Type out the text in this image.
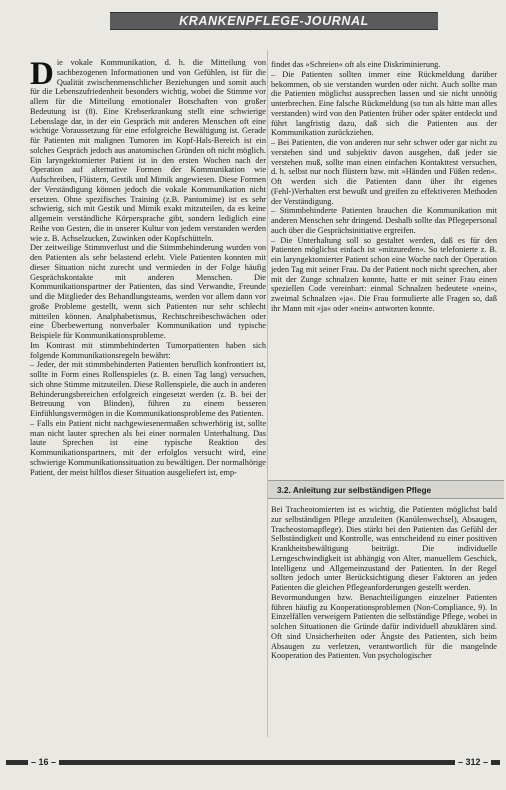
KRANKENPFLEGE-JOURNAL

Die vokale Kommunikation, d. h. die Mitteilung von sachbezogenen Informationen und von Gefühlen, ist für die Qualität zwischenmenschlicher Beziehungen und somit auch für die Lebenszufriedenheit besonders wichtig, wobei die Stimme vor allem für die Mitteilung emotionaler Botschaften von großer Bedeutung ist (8). Eine Krebserkrankung stellt eine schwierige Lebenslage dar, in der ein Gespräch mit anderen Menschen oft eine wichtige Voraussetzung für eine erfolgreiche Bewältigung ist. Gerade für Patienten mit malignen Tumoren im Kopf-Hals-Bereich ist ein solches Gespräch jedoch aus anatomischen Gründen oft nicht möglich. Ein laryngektomierter Patient ist in den ersten Wochen nach der Operation auf alternative Formen der Kommunikation wie Aufschreiben, Flüstern, Gestik und Mimik angewiesen. Diese Formen der Verständigung können jedoch die vokale Kommunikation nicht ersetzen. Ohne spezifisches Training (z.B. Pantomime) ist es sehr schwierig, sich mit Gestik und Mimik exakt mitzuteilen, da es keine allgemein verständliche Körpersprache gibt, sondern lediglich eine Reihe von Gesten, die in unserer Kultur von jedem verstanden werden wie z. B. Achselzucken, Zuwinken oder Kopfschütteln.

Der zeitweilige Stimmverlust und die Stimmbehinderung wurden von den Patienten als sehr belastend erlebt. Viele Patienten konnten mit dieser Situation nicht zurecht und vermieden in der Folge häufig Gesprächskontakte mit anderen Menschen. Die Kommunikationspartner der Patienten, das sind Verwandte, Freunde und die Mitglieder des Behandlungsteams, werden vor allem dann vor große Probleme gestellt, wenn sich Patienten nur sehr schlecht mitteilen können. Analphabetismus, Rechtschreibeschwächen oder eine Überbewertung nonverbaler Kommunikation und typische Beispiele für Kommunikationsprobleme.

Im Kontrast mit stimmbehinderten Tumorpatienten haben sich folgende Kommunikationsregeln bewährt:

– Jeder, der mit stimmbehinderten Patienten beruflich konfrontiert ist, sollte in Form eines Rollenspieles (z. B. einen Tag lang) versuchen, sich ohne Stimme mitzuteilen. Diese Rollenspiele, die auch in anderen Behinderungsbereichen erfolgreich eingesetzt werden (z. B. bei der Betreuung von Blinden), führen zu einem besseren Einfühlungsvermögen in die Kommunikationsprobleme des Patienten.

– Falls ein Patient nicht nachgewiesenermaßen schwerhörig ist, sollte man nicht lauter sprechen als bei einer normalen Unterhaltung. Das laute Sprechen ist eine typische Reaktion des Kommunikationspartners, mit der erfolglos versucht wird, eine schwierige Kommunikationssituation zu bewältigen. Der normalhörige Patient, der meist hilflos dieser Situation ausgeliefert ist, emp-

findet das »Schreien« oft als eine Diskriminierung.

– Die Patienten sollten immer eine Rückmeldung darüber bekommen, ob sie verstanden wurden oder nicht. Auch sollte man die Patienten möglichst aussprechen lassen und sie nicht unnötig unterbrechen. Eine falsche Rückmeldung (so tun als hätte man alles verstanden) wird von den Patienten früher oder später entdeckt und führt langfristig dazu, daß sich die Patienten aus der Kommunikation zurückziehen.

– Bei Patienten, die von anderen nur sehr schwer oder gar nicht zu verstehen sind und subjektiv davon ausgehen, daß jeder sie verstehen muß, sollte man einen einfachen Kontakttest versuchen, d. h. selbst nur noch flüstern bzw. mit »Händen und Füßen reden«. Oft werden sich die Patienten dann über ihr eigenes (Fehl-)Verhalten erst bewußt und greifen zu effektiveren Methoden der Verständigung.

– Stimmbehinderte Patienten brauchen die Kommunikation mit anderen Menschen sehr dringend. Deshalb sollte das Pflegepersonal auch über die Gesprächsinitiative ergreifen.

– Die Unterhaltung soll so gestaltet werden, daß es für den Patienten möglichst einfach ist »mitzureden«. So telefonierte z. B. ein laryngektomierter Patient schon eine Woche nach der Operation jeden Tag mit seiner Frau. Da der Patient noch nicht sprechen, aber mit der Zunge schnalzen konnte, hatte er mit seiner Frau einen speziellen Code vereinbart: einmal Schnalzen bedeutete »nein«, zweimal Schnalzen »ja«. Die Frau formulierte alle Fragen so, daß ihr Mann mit »ja« oder »nein« antworten konnte.

3.2. Anleitung zur selbständigen Pflege

Bei Tracheotomierten ist es wichtig, die Patienten möglichst bald zur selbständigen Pflege anzuleiten (Kanülenwechsel), Absaugen, Tracheostomapflege). Dies stärkt bei den Patienten das Gefühl der Selbständigkeit und Kontrolle, was entscheidend zu einer positiven Krankheitsbewältigung beiträgt. Die individuelle Lerngeschwindigkeit ist abhängig von Alter, manuellem Geschick, Intelligenz und Allgemeinzustand der Patienten. In der Regel sollten jedoch unter Berücksichtigung dieser Faktoren an jeden Patienten die gleichen Pflegeanforderungen gestellt werden.

Bevormundungen bzw. Benachteiligungen einzelner Patienten führen häufig zu Kooperationsproblemen (Non-Compliance, 9). In Einzelfällen verweigern Patienten die selbständige Pflege, wobei in solchen Situationen die Gründe dafür individuell abzuklären sind. Oft sind Unsicherheiten oder Ängste des Patienten, sich beim Absaugen zu verletzen, verantwortlich für die mangelnde Kooperation des Patienten. Von psychologischer

– 16 –	– 312 –
